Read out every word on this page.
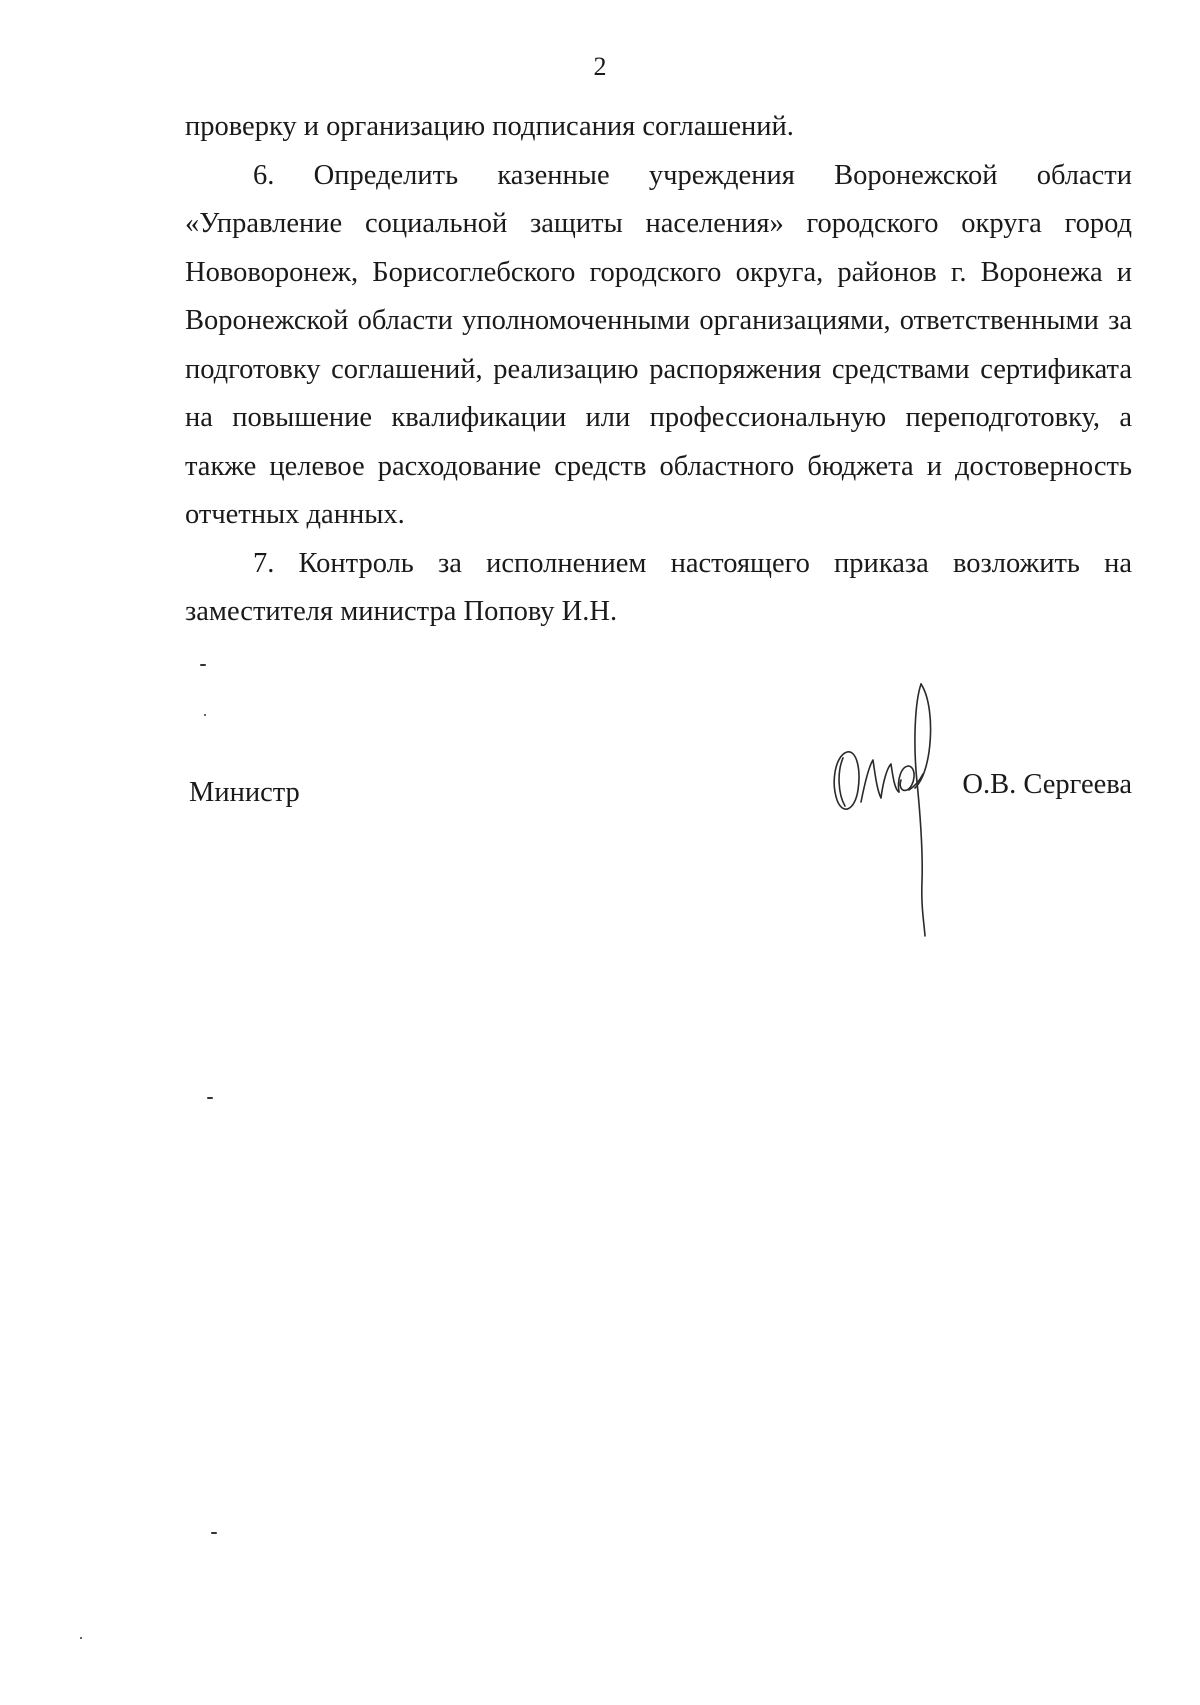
2

проверку и организацию подписания соглашений.

6. Определить казенные учреждения Воронежской области «Управление социальной защиты населения» городского округа город Нововоронеж, Борисоглебского городского округа, районов г. Воронежа и Воронежской области уполномоченными организациями, ответственными за подготовку соглашений, реализацию распоряжения средствами сертификата на повышение квалификации или профессиональную переподготовку, а также целевое расходование средств областного бюджета и достоверность отчетных данных.

7. Контроль за исполнением настоящего приказа возложить на заместителя министра Попову И.Н.

Министр	О.В. Сергеева
